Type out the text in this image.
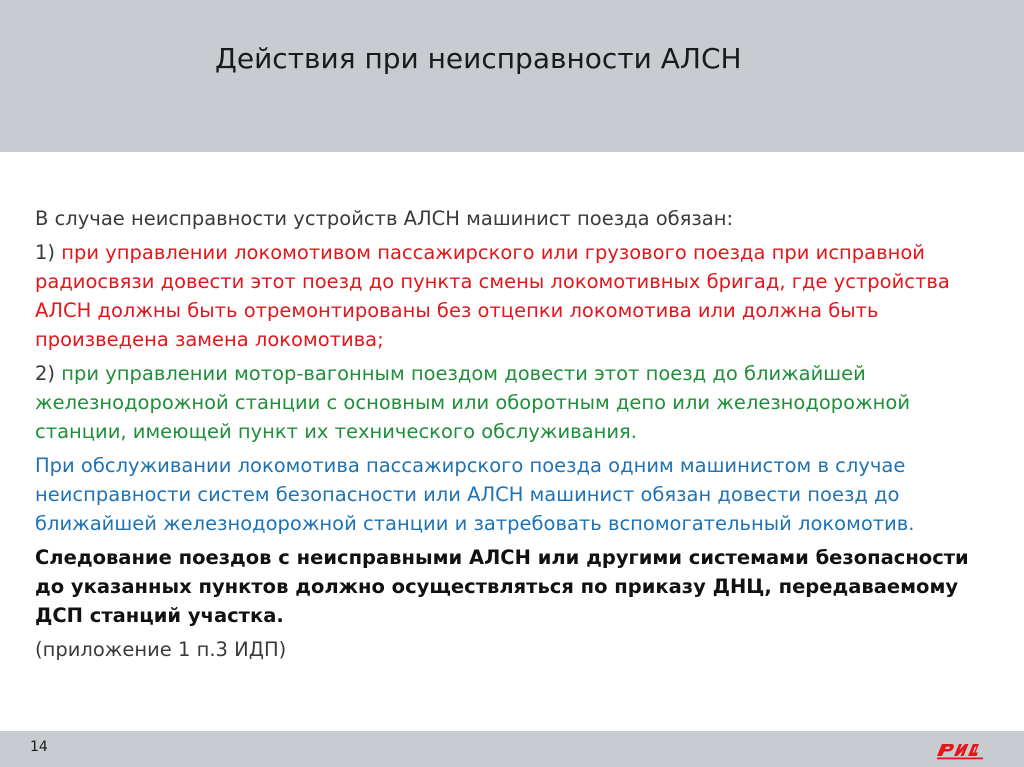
Действия при неисправности АЛСН

В случае неисправности устройств АЛСН машинист поезда обязан:

1) при управлении локомотивом пассажирского или грузового поезда при исправной радиосвязи довести этот поезд до пункта смены локомотивных бригад, где устройства АЛСН должны быть отремонтированы без отцепки локомотива или должна быть произведена замена локомотива;

2) при управлении мотор-вагонным поездом довести этот поезд до ближайшей железнодорожной станции с основным или оборотным депо или железнодорожной станции, имеющей пункт их технического обслуживания.

При обслуживании локомотива пассажирского поезда одним машинистом в случае неисправности систем безопасности или АЛСН машинист обязан довести поезд до ближайшей железнодорожной станции и затребовать вспомогательный локомотив.

Следование поездов с неисправными АЛСН или другими системами безопасности до указанных пунктов должно осуществляться по приказу ДНЦ, передаваемому ДСП станций участка.

(приложение 1 п.3 ИДП)

14
